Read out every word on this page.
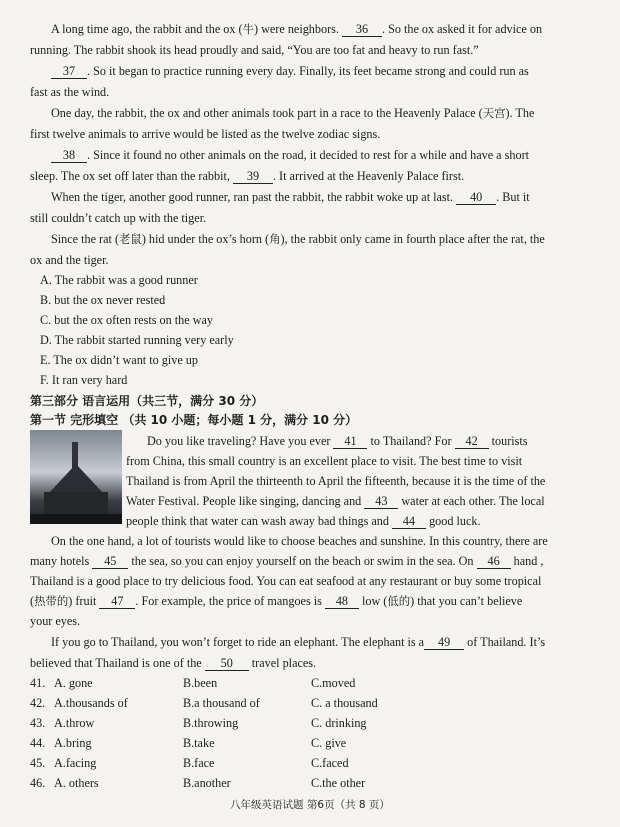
A long time ago, the rabbit and the ox (牛) were neighbors. 36 . So the ox asked it for advice on
running. The rabbit shook its head proudly and said, “You are too fat and heavy to run fast.”
37 . So it began to practice running every day. Finally, its feet became strong and could run as
fast as the wind.
One day, the rabbit, the ox and other animals took part in a race to the Heavenly Palace (天宫). The
first twelve animals to arrive would be listed as the twelve zodiac signs.
38 . Since it found no other animals on the road, it decided to rest for a while and have a short
sleep. The ox set off later than the rabbit, 39 . It arrived at the Heavenly Palace first.
When the tiger, another good runner, ran past the rabbit, the rabbit woke up at last. 40 . But it
still couldn’t catch up with the tiger.
Since the rat (老鼠) hid under the ox’s horn (角), the rabbit only came in fourth place after the rat, the
ox and the tiger.
A. The rabbit was a good runner
B. but the ox never rested
C. but the ox often rests on the way
D. The rabbit started running very early
E. The ox didn’t want to give up
F. It ran very hard
第三部分 语言运用（共三节，满分 30 分）
第一节 完形填空 （共 10 小题；每小题 1 分，满分 10 分）
Do you like traveling? Have you ever 41 to Thailand? For 42 tourists
from China, this small country is an excellent place to visit. The best time to visit
Thailand is from April the thirteenth to April the fifteenth, because it is the time of the
Water Festival. People like singing, dancing and 43 water at each other. The local
people think that water can wash away bad things and 44 good luck.
On the one hand, a lot of tourists would like to choose beaches and sunshine. In this country, there are
many hotels 45 the sea, so you can enjoy yourself on the beach or swim in the sea. On 46 hand ,
Thailand is a good place to try delicious food. You can eat seafood at any restaurant or buy some tropical
(热带的) fruit 47 . For example, the price of mangoes is 48 low (低的) that you can’t believe
your eyes.
If you go to Thailand, you won’t forget to ride an elephant. The elephant is a 49 of Thailand. It’s
believed that Thailand is one of the 50 travel places.
41. A. gone	B.been	C.moved
42. A.thousands of	B.a thousand of	C. a thousand
43. A.throw	B.throwing	C. drinking
44. A.bring	B.take	C. give
45. A.facing	B.face	C.faced
46. A. others	B.another	C.the other
八年级英语试题 第6页（共 8 页）
